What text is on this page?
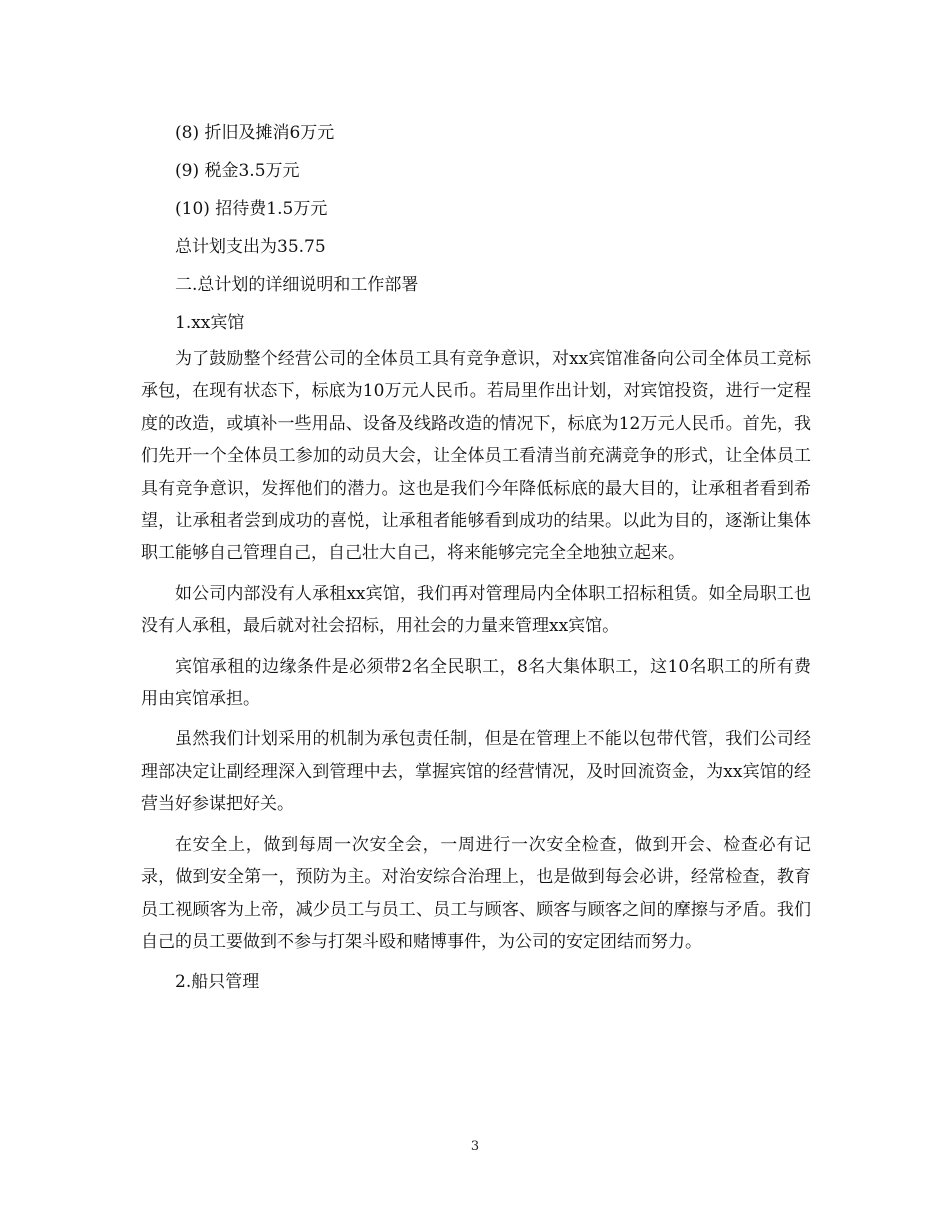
(8) 折旧及摊消6万元
(9) 税金3.5万元
(10) 招待费1.5万元
总计划支出为35.75
二.总计划的详细说明和工作部署
1.xx宾馆

为了鼓励整个经营公司的全体员工具有竞争意识，对xx宾馆准备向公司全体员工竞标承包，在现有状态下，标底为10万元人民币。若局里作出计划，对宾馆投资，进行一定程度的改造，或填补一些用品、设备及线路改造的情况下，标底为12万元人民币。首先，我们先开一个全体员工参加的动员大会，让全体员工看清当前充满竞争的形式，让全体员工具有竞争意识，发挥他们的潜力。这也是我们今年降低标底的最大目的，让承租者看到希望，让承租者尝到成功的喜悦，让承租者能够看到成功的结果。以此为目的，逐渐让集体职工能够自己管理自己，自己壮大自己，将来能够完完全全地独立起来。

如公司内部没有人承租xx宾馆，我们再对管理局内全体职工招标租赁。如全局职工也没有人承租，最后就对社会招标，用社会的力量来管理xx宾馆。

宾馆承租的边缘条件是必须带2名全民职工，8名大集体职工，这10名职工的所有费用由宾馆承担。

虽然我们计划采用的机制为承包责任制，但是在管理上不能以包带代管，我们公司经理部决定让副经理深入到管理中去，掌握宾馆的经营情况，及时回流资金，为xx宾馆的经营当好参谋把好关。

在安全上，做到每周一次安全会，一周进行一次安全检查，做到开会、检查必有记录，做到安全第一，预防为主。对治安综合治理上，也是做到每会必讲，经常检查，教育员工视顾客为上帝，减少员工与员工、员工与顾客、顾客与顾客之间的摩擦与矛盾。我们自己的员工要做到不参与打架斗殴和赌博事件，为公司的安定团结而努力。

2.船只管理
3
